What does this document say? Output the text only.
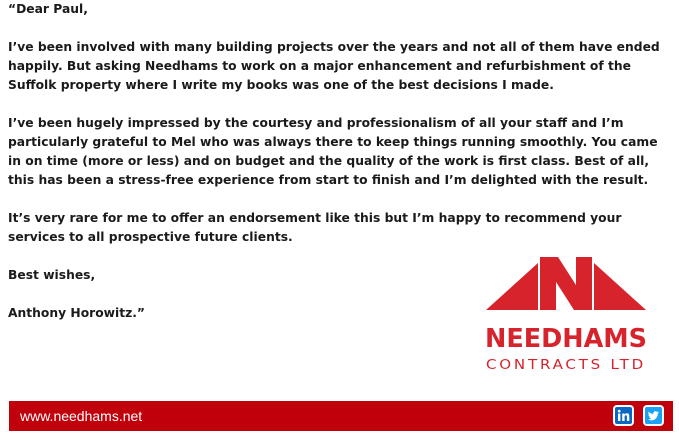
“Dear Paul,

I’ve been involved with many building projects over the years and not all of them have ended happily. But asking Needhams to work on a major enhancement and refurbishment of the Suffolk property where I write my books was one of the best decisions I made.

I’ve been hugely impressed by the courtesy and professionalism of all your staff and I’m particularly grateful to Mel who was always there to keep things running smoothly. You came in on time (more or less) and on budget and the quality of the work is first class. Best of all, this has been a stress-free experience from start to finish and I’m delighted with the result.

It’s very rare for me to offer an endorsement like this but I’m happy to recommend your services to all prospective future clients.

Best wishes,

Anthony Horowitz.”

NEEDHAMS
CONTRACTS LTD
www.needhams.net
